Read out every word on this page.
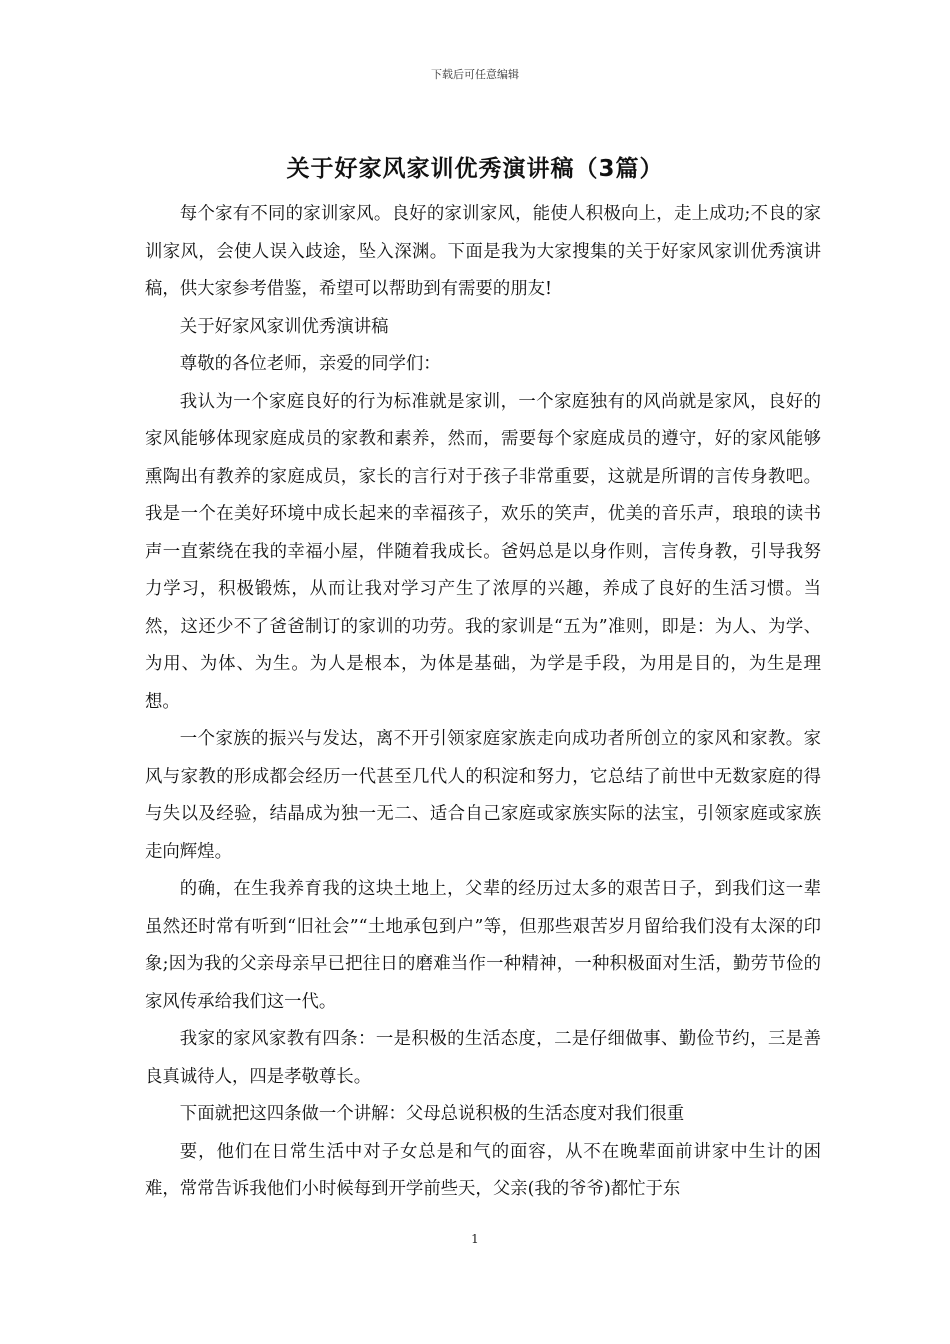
下载后可任意编辑
关于好家风家训优秀演讲稿（3篇）

每个家有不同的家训家风。良好的家训家风，能使人积极向上，走上成功;不良的家训家风，会使人误入歧途，坠入深渊。下面是我为大家搜集的关于好家风家训优秀演讲稿，供大家参考借鉴，希望可以帮助到有需要的朋友!

关于好家风家训优秀演讲稿

尊敬的各位老师，亲爱的同学们：

我认为一个家庭良好的行为标准就是家训，一个家庭独有的风尚就是家风，良好的家风能够体现家庭成员的家教和素养，然而，需要每个家庭成员的遵守，好的家风能够熏陶出有教养的家庭成员，家长的言行对于孩子非常重要，这就是所谓的言传身教吧。我是一个在美好环境中成长起来的幸福孩子，欢乐的笑声，优美的音乐声，琅琅的读书声一直萦绕在我的幸福小屋，伴随着我成长。爸妈总是以身作则，言传身教，引导我努力学习，积极锻炼，从而让我对学习产生了浓厚的兴趣，养成了良好的生活习惯。当然，这还少不了爸爸制订的家训的功劳。我的家训是“五为”准则，即是：为人、为学、为用、为体、为生。为人是根本，为体是基础，为学是手段，为用是目的，为生是理想。

一个家族的振兴与发达，离不开引领家庭家族走向成功者所创立的家风和家教。家风与家教的形成都会经历一代甚至几代人的积淀和努力，它总结了前世中无数家庭的得与失以及经验，结晶成为独一无二、适合自己家庭或家族实际的法宝，引领家庭或家族走向辉煌。

的确，在生我养育我的这块土地上，父辈的经历过太多的艰苦日子，到我们这一辈虽然还时常有听到“旧社会”“土地承包到户”等，但那些艰苦岁月留给我们没有太深的印象;因为我的父亲母亲早已把往日的磨难当作一种精神，一种积极面对生活，勤劳节俭的家风传承给我们这一代。

我家的家风家教有四条：一是积极的生活态度，二是仔细做事、勤俭节约，三是善良真诚待人，四是孝敬尊长。

下面就把这四条做一个讲解：父母总说积极的生活态度对我们很重

要，他们在日常生活中对子女总是和气的面容，从不在晚辈面前讲家中生计的困难，常常告诉我他们小时候每到开学前些天，父亲(我的爷爷)都忙于东

1
